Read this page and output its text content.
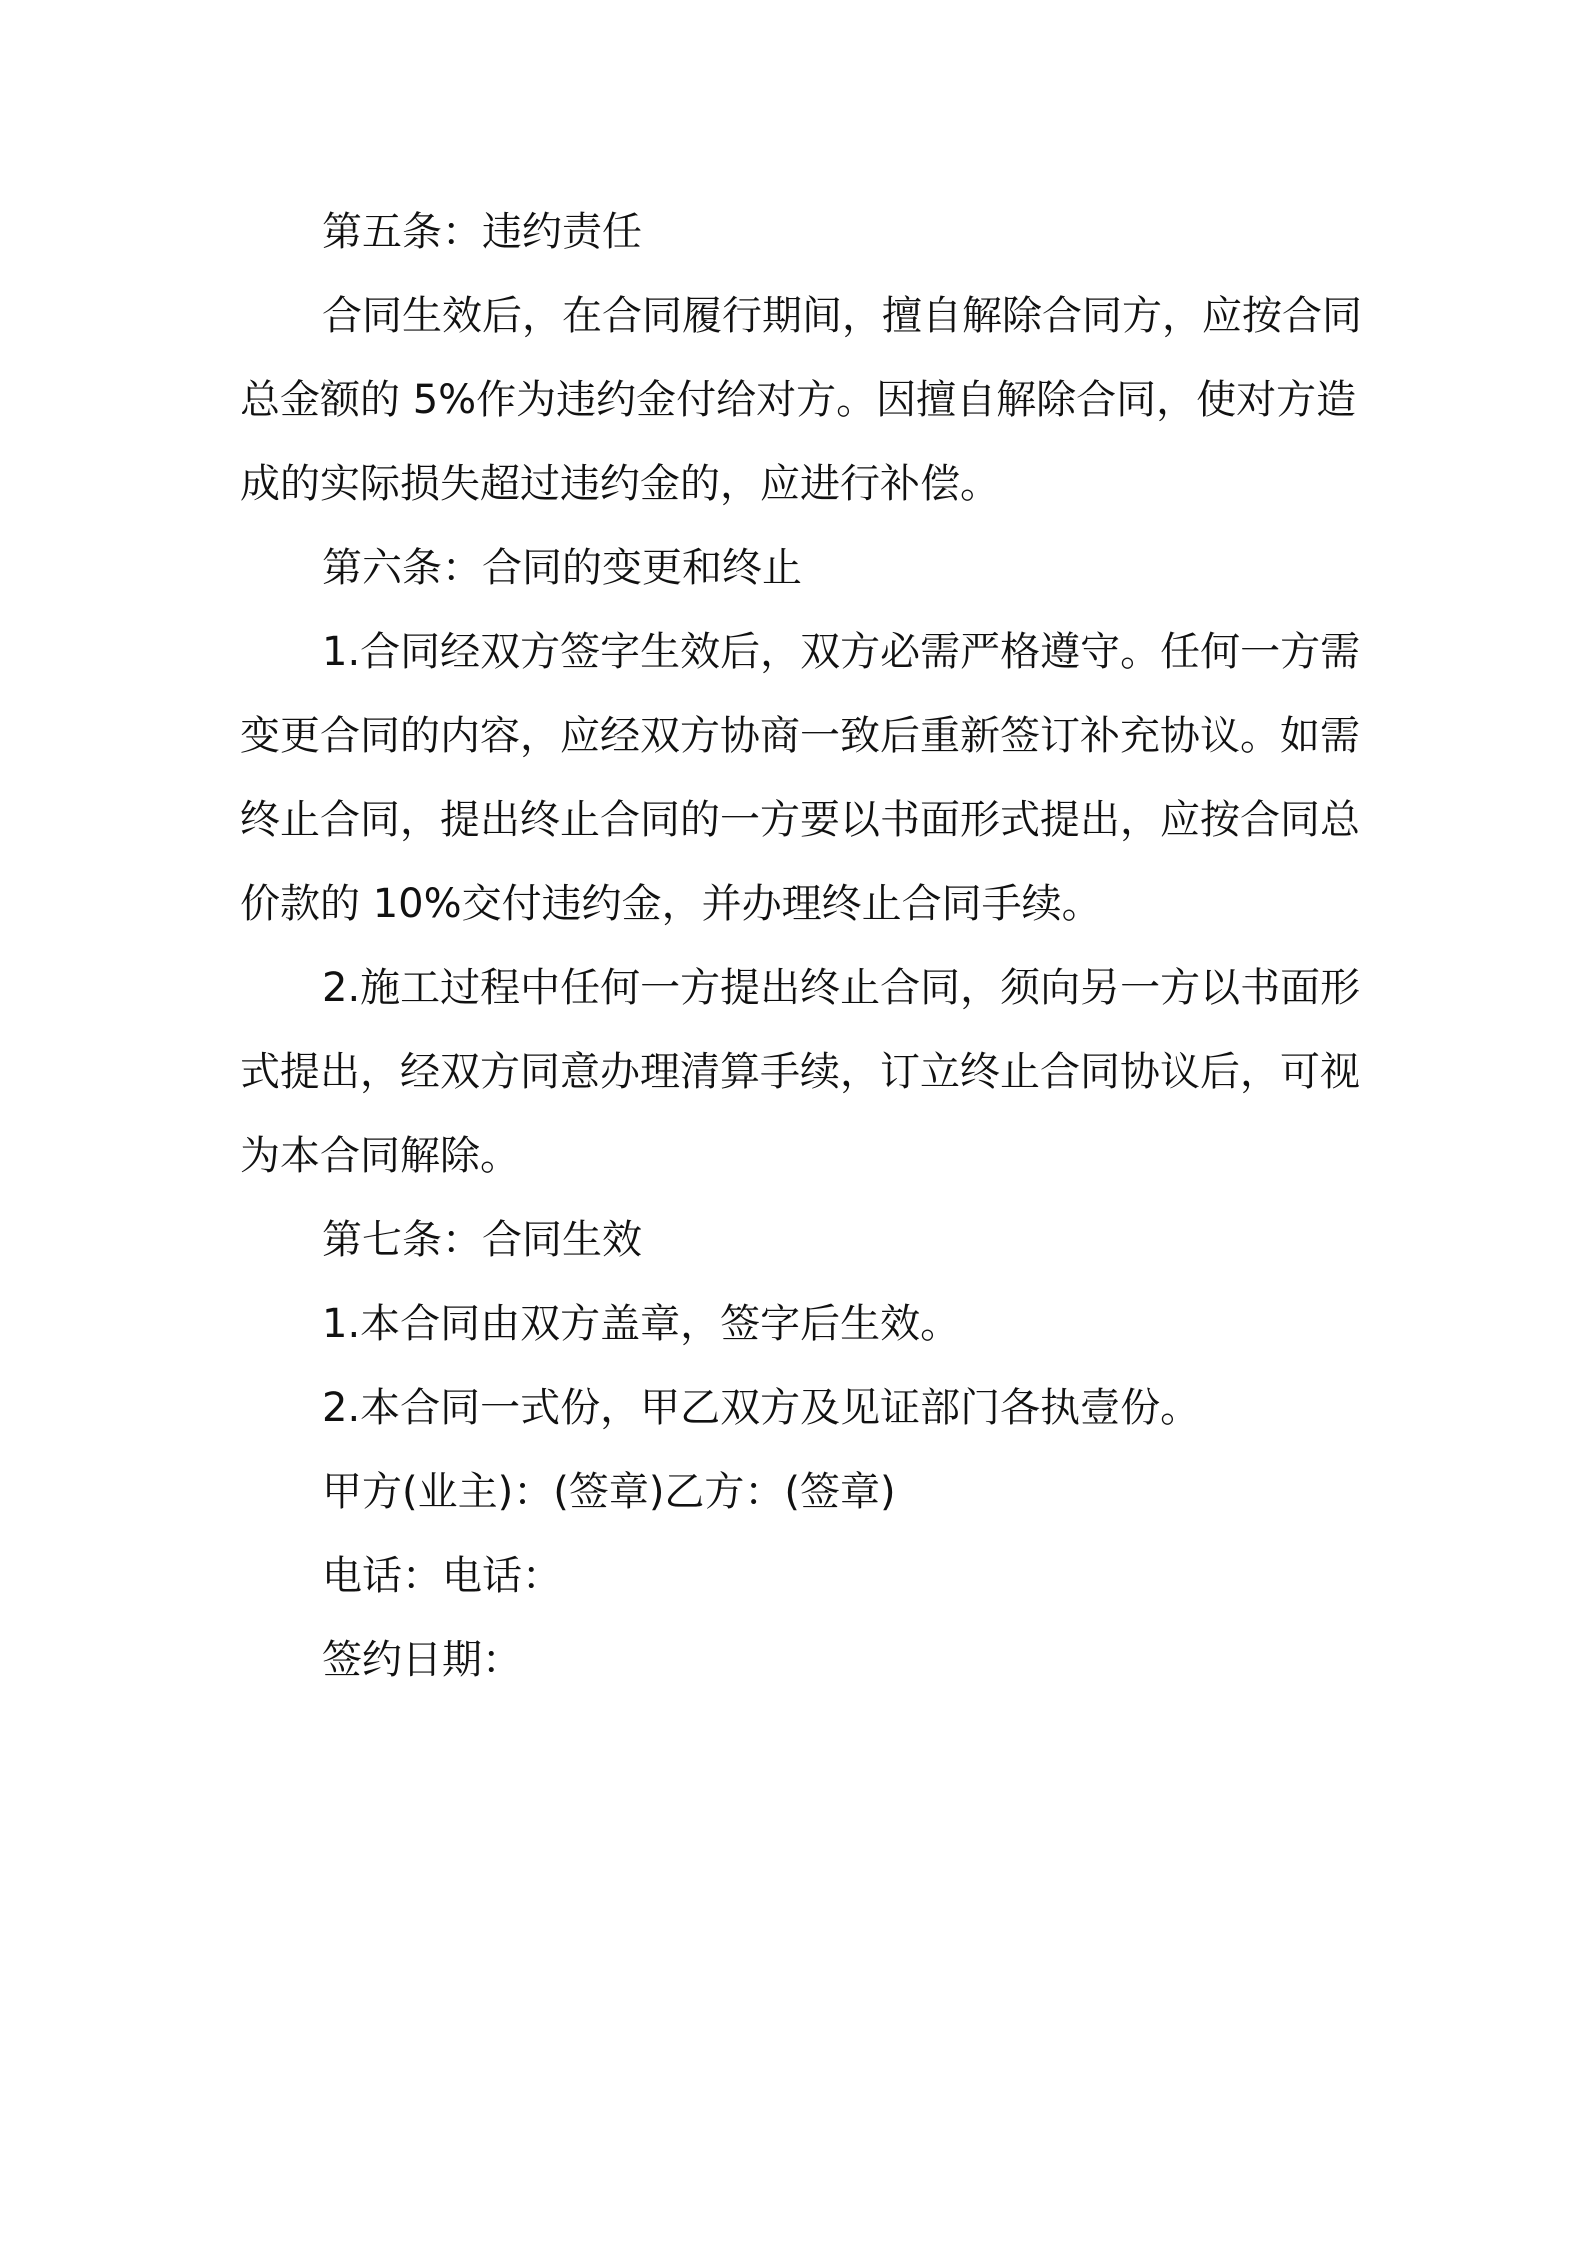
第五条：违约责任

合同生效后，在合同履行期间，擅自解除合同方，应按合同

总金额的 5%作为违约金付给对方。因擅自解除合同，使对方造

成的实际损失超过违约金的，应进行补偿。

第六条：合同的变更和终止

1.合同经双方签字生效后，双方必需严格遵守。任何一方需

变更合同的内容，应经双方协商一致后重新签订补充协议。如需

终止合同，提出终止合同的一方要以书面形式提出，应按合同总

价款的 10%交付违约金，并办理终止合同手续。

2.施工过程中任何一方提出终止合同，须向另一方以书面形

式提出，经双方同意办理清算手续，订立终止合同协议后，可视

为本合同解除。

第七条：合同生效

1.本合同由双方盖章，签字后生效。

2.本合同一式份，甲乙双方及见证部门各执壹份。

甲方(业主)：(签章)乙方：(签章)

电话：电话：

签约日期：
